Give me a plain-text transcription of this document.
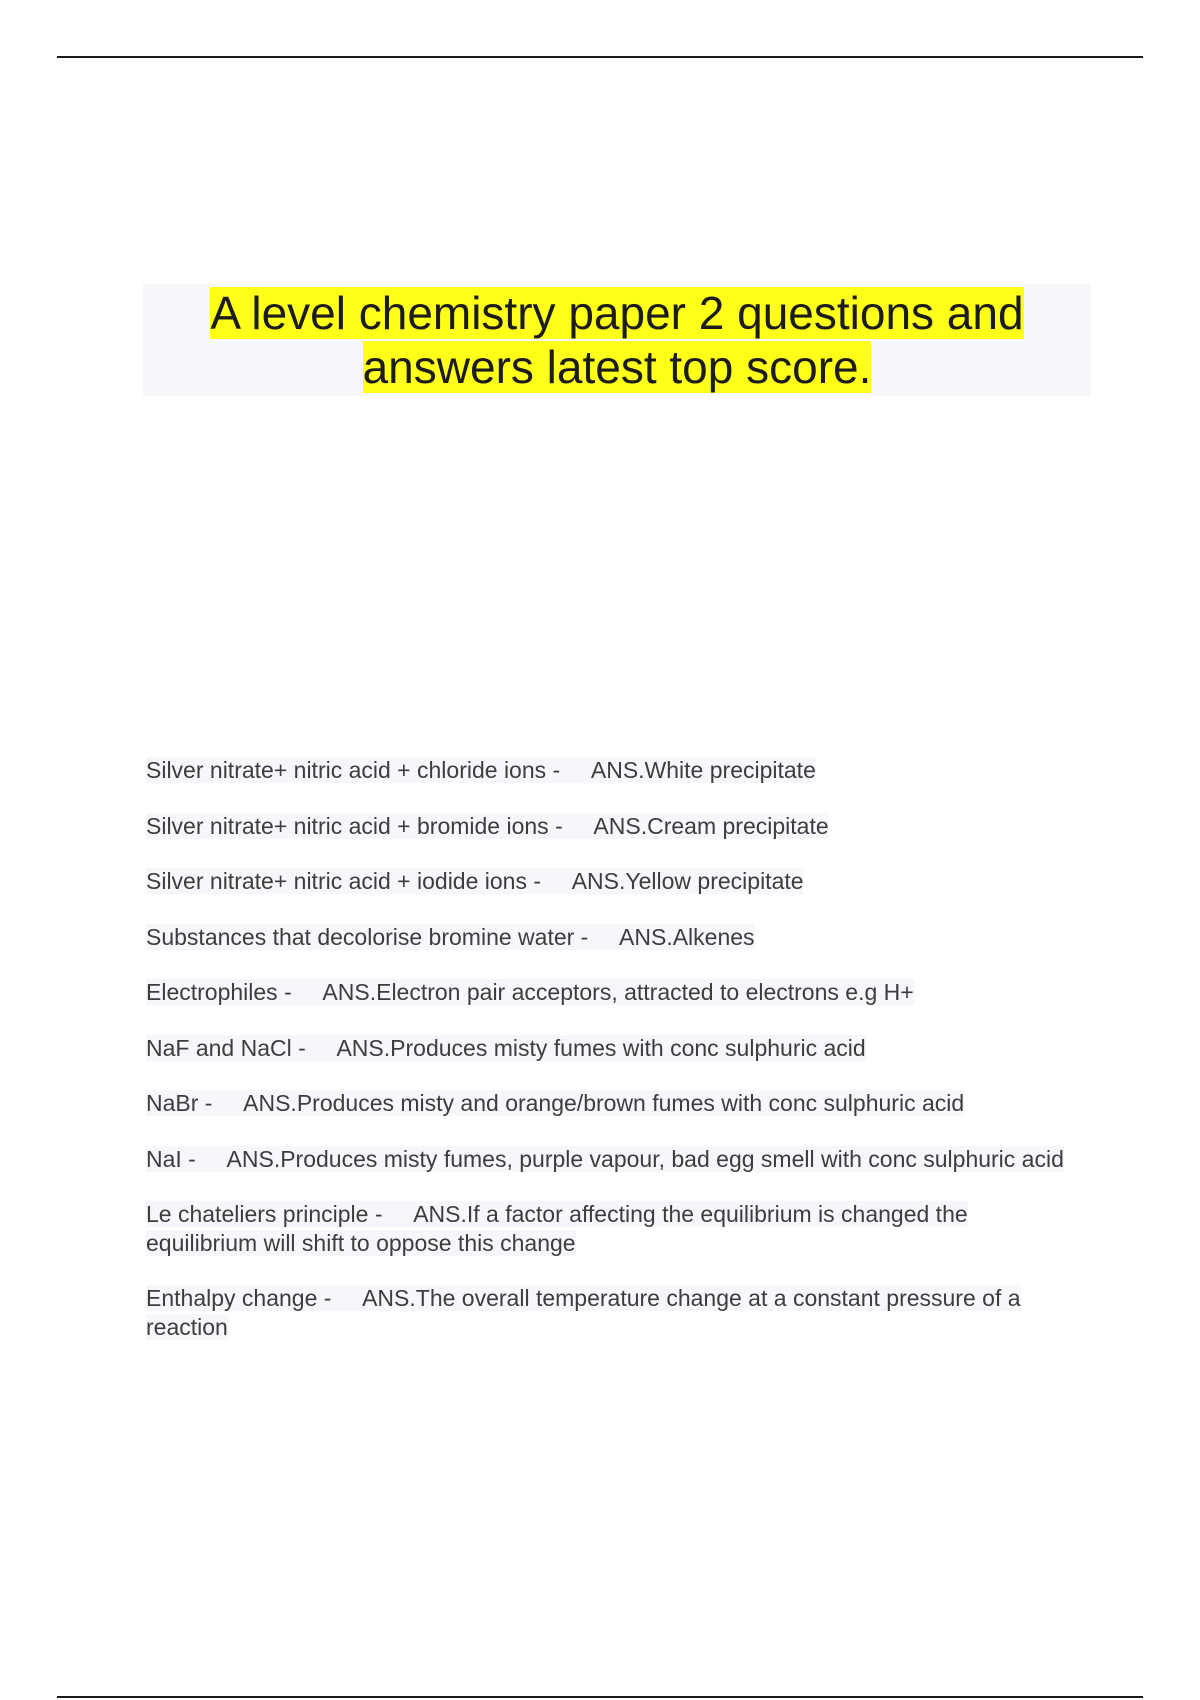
A level chemistry paper 2 questions and answers latest top score.
Silver nitrate+ nitric acid + chloride ions - ANS.White precipitate
Silver nitrate+ nitric acid + bromide ions - ANS.Cream precipitate
Silver nitrate+ nitric acid + iodide ions - ANS.Yellow precipitate
Substances that decolorise bromine water - ANS.Alkenes
Electrophiles - ANS.Electron pair acceptors, attracted to electrons e.g H+
NaF and NaCl - ANS.Produces misty fumes with conc sulphuric acid
NaBr - ANS.Produces misty and orange/brown fumes with conc sulphuric acid
NaI - ANS.Produces misty fumes, purple vapour, bad egg smell with conc sulphuric acid
Le chateliers principle - ANS.If a factor affecting the equilibrium is changed the equilibrium will shift to oppose this change
Enthalpy change - ANS.The overall temperature change at a constant pressure of a reaction
